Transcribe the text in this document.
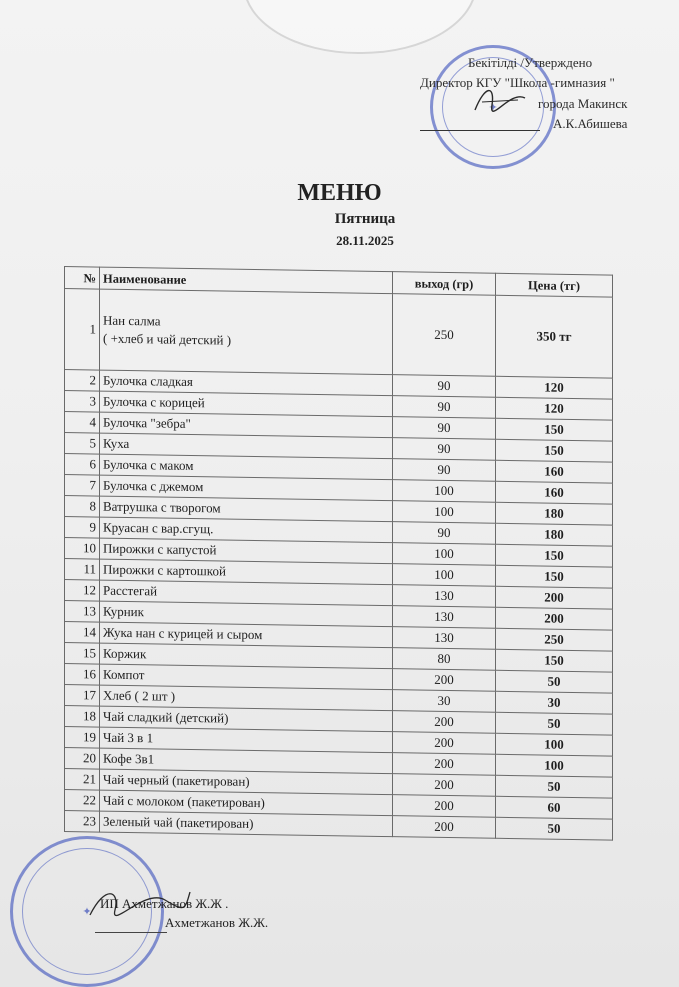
✦
Бекітілді /Утверждено
Директор КГУ "Школа -гимназия "
города Макинск
А.К.Абишева
МЕНЮ
Пятница
28.11.2025
№	Наименование	выход (гр)	Цена (тг)
1	Нан салма
( +хлеб и чай детский )	250	350 тг
2	Булочка сладкая	90	120
3	Булочка с корицей	90	120
4	Булочка "зебра"	90	150
5	Куха	90	150
6	Булочка с маком	90	160
7	Булочка с джемом	100	160
8	Ватрушка с творогом	100	180
9	Круасан с вар.сгущ.	90	180
10	Пирожки с капустой	100	150
11	Пирожки с картошкой	100	150
12	Расстегай	130	200
13	Курник	130	200
14	Жука нан с курицей и сыром	130	250
15	Коржик	80	150
16	Компот	200	50
17	Хлеб ( 2 шт )	30	30
18	Чай сладкий (детский)	200	50
19	Чай 3 в 1	200	100
20	Кофе 3в1	200	100
21	Чай черный (пакетирован)	200	50
22	Чай с молоком (пакетирован)	200	60
23	Зеленый чай (пакетирован)	200	50
✦
ИП Ахметжанов Ж.Ж .
Ахметжанов Ж.Ж.
